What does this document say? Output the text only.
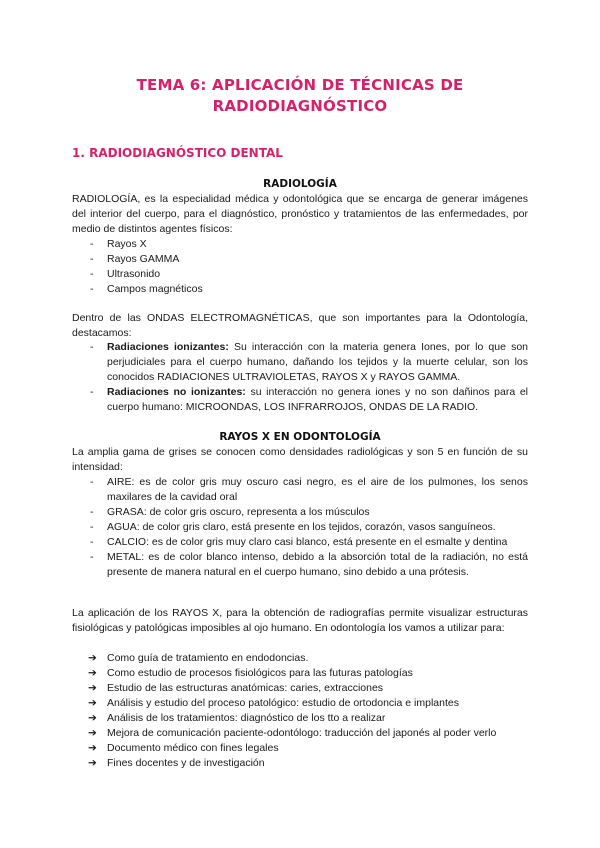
TEMA 6: APLICACIÓN DE TÉCNICAS DE
RADIODIAGNÓSTICO
1. RADIODIAGNÓSTICO DENTAL
RADIOLOGÍA
RADIOLOGÍA, es la especialidad médica y odontológica que se encarga de generar imágenes del interior del cuerpo, para el diagnóstico, pronóstico y tratamientos de las enfermedades, por medio de distintos agentes físicos:
- Rayos X
- Rayos GAMMA
- Ultrasonido
- Campos magnéticos
Dentro de las ONDAS ELECTROMAGNÉTICAS, que son importantes para la Odontología, destacamos:
- Radiaciones ionizantes: Su interacción con la materia genera Iones, por lo que son perjudiciales para el cuerpo humano, dañando los tejidos y la muerte celular, son los conocidos RADIACIONES ULTRAVIOLETAS, RAYOS X y RAYOS GAMMA.
- Radiaciones no ionizantes: su interacción no genera iones y no son dañinos para el cuerpo humano: MICROONDAS, LOS INFRARROJOS, ONDAS DE LA RADIO.
RAYOS X EN ODONTOLOGÍA
La amplia gama de grises se conocen como densidades radiológicas y son 5 en función de su intensidad:
- AIRE: es de color gris muy oscuro casi negro, es el aire de los pulmones, los senos maxilares de la cavidad oral
- GRASA: de color gris oscuro, representa a los músculos
- AGUA: de color gris claro, está presente en los tejidos, corazón, vasos sanguíneos.
- CALCIO: es de color gris muy claro casi blanco, está presente en el esmalte y dentina
- METAL: es de color blanco intenso, debido a la absorción total de la radiación, no está presente de manera natural en el cuerpo humano, sino debido a una prótesis.
La aplicación de los RAYOS X, para la obtención de radiografías permite visualizar estructuras fisiológicas y patológicas imposibles al ojo humano. En odontología los vamos a utilizar para:
➔ Como guía de tratamiento en endodoncias.
➔ Como estudio de procesos fisiológicos para las futuras patologías
➔ Estudio de las estructuras anatómicas: caries, extracciones
➔ Análisis y estudio del proceso patológico: estudio de ortodoncia e implantes
➔ Análisis de los tratamientos: diagnóstico de los tto a realizar
➔ Mejora de comunicación paciente-odontólogo: traducción del japonés al poder verlo
➔ Documento médico con fines legales
➔ Fines docentes y de investigación
